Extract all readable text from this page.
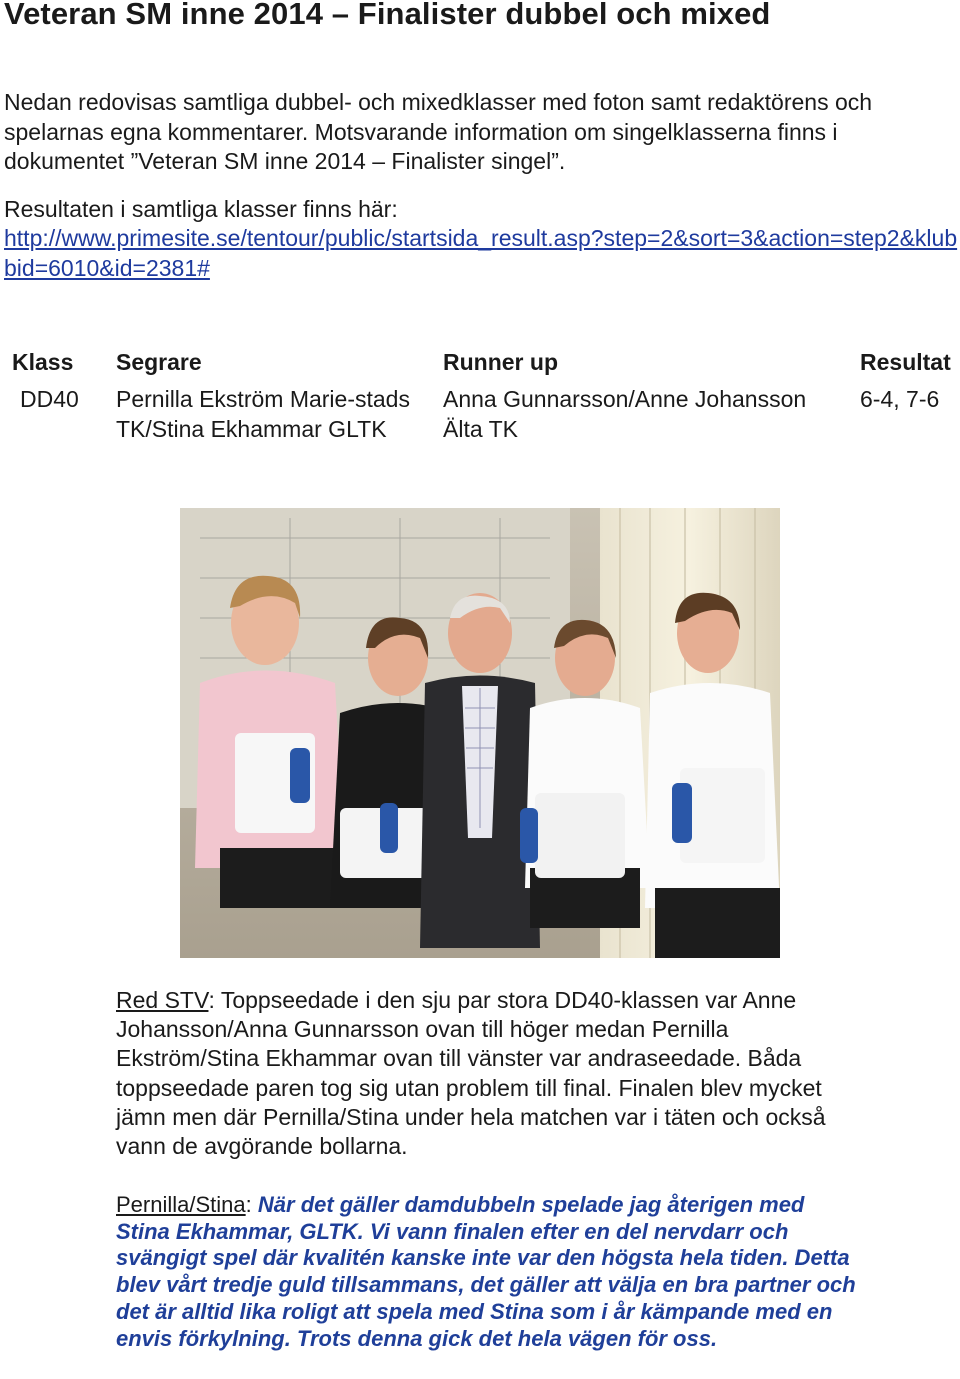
Veteran SM inne 2014 – Finalister dubbel och mixed

Nedan redovisas samtliga dubbel- och mixedklasser med foton samt redaktörens och spelarnas egna kommentarer. Motsvarande information om singelklasserna finns i dokumentet ”Veteran SM inne 2014 – Finalister singel”.

Resultaten i samtliga klasser finns här:

http://www.primesite.se/tentour/public/startsida_result.asp?step=2&sort=3&action=step2&klubbid=6010&id=2381#

Klass Segrare	Runner up	Resultat
DD40 Pernilla Ekström Marie-stads TK/Stina Ekhammar GLTK
Anna Gunnarsson/Anne Johansson Älta TK
6-4, 7-6

Red STV: Toppseedade i den sju par stora DD40-klassen var Anne Johansson/Anna Gunnarsson ovan till höger medan Pernilla Ekström/Stina Ekhammar ovan till vänster var andraseedade. Båda toppseedade paren tog sig utan problem till final. Finalen blev mycket jämn men där Pernilla/Stina under hela matchen var i täten och också vann de avgörande bollarna.

Pernilla/Stina: När det gäller damdubbeln spelade jag återigen med Stina Ekhammar, GLTK. Vi vann finalen efter en del nervdarr och svängigt spel där kvalitén kanske inte var den högsta hela tiden. Detta blev vårt tredje guld tillsammans, det gäller att välja en bra partner och det är alltid lika roligt att spela med Stina som i år kämpande med en envis förkylning. Trots denna gick det hela vägen för oss.
